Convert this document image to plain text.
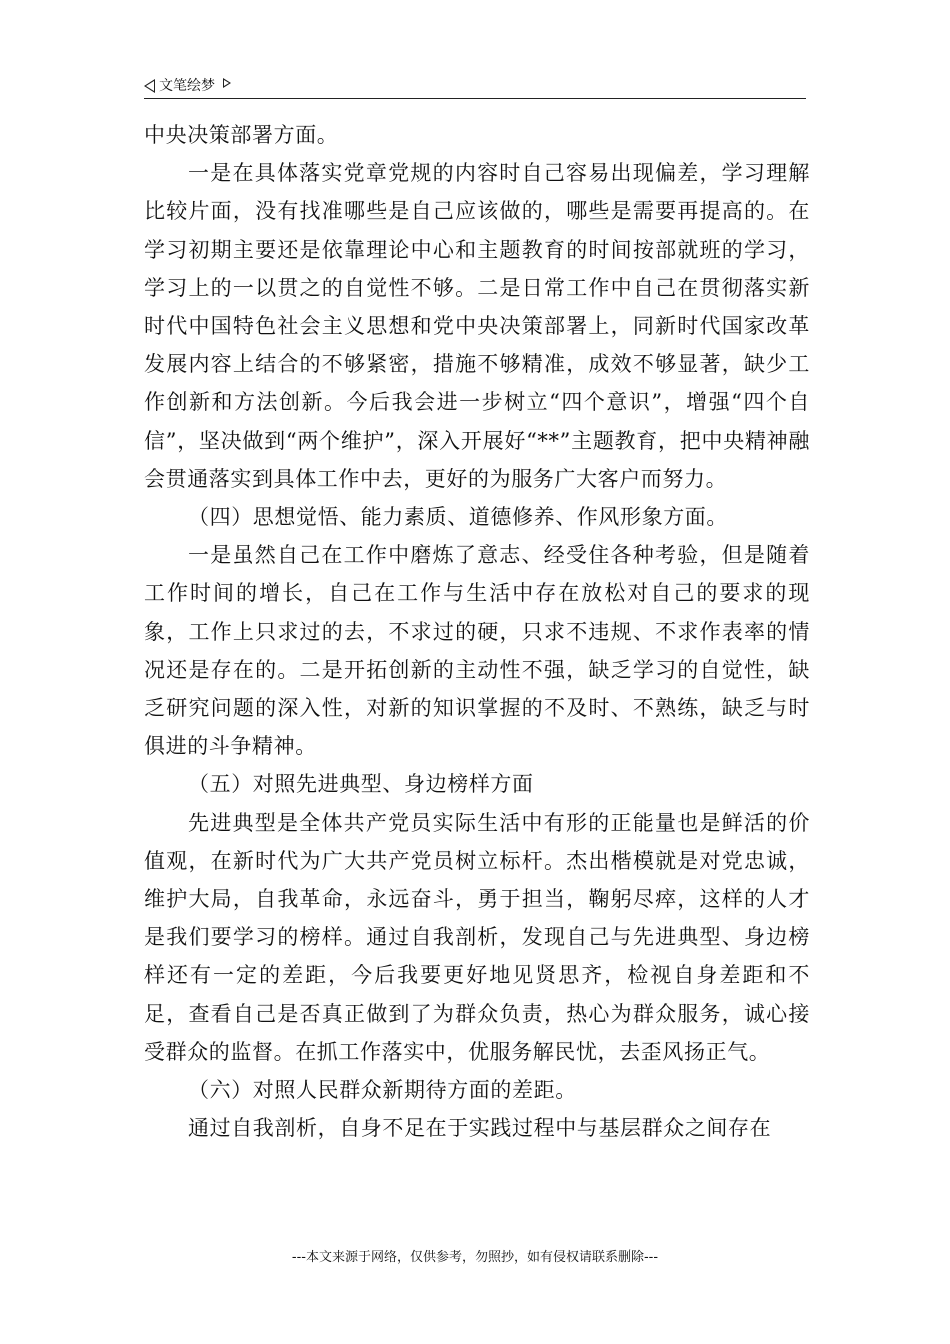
文笔绘梦

中央决策部署方面。

一是在具体落实党章党规的内容时自己容易出现偏差，学习理解比较片面，没有找准哪些是自己应该做的，哪些是需要再提高的。在学习初期主要还是依靠理论中心和主题教育的时间按部就班的学习，学习上的一以贯之的自觉性不够。二是日常工作中自己在贯彻落实新时代中国特色社会主义思想和党中央决策部署上，同新时代国家改革发展内容上结合的不够紧密，措施不够精准，成效不够显著，缺少工作创新和方法创新。今后我会进一步树立“四个意识”，增强“四个自信”，坚决做到“两个维护”，深入开展好“**”主题教育，把中央精神融会贯通落实到具体工作中去，更好的为服务广大客户而努力。

（四）思想觉悟、能力素质、道德修养、作风形象方面。

一是虽然自己在工作中磨炼了意志、经受住各种考验，但是随着工作时间的增长，自己在工作与生活中存在放松对自己的要求的现象，工作上只求过的去，不求过的硬，只求不违规、不求作表率的情况还是存在的。二是开拓创新的主动性不强，缺乏学习的自觉性，缺乏研究问题的深入性，对新的知识掌握的不及时、不熟练，缺乏与时俱进的斗争精神。

（五）对照先进典型、身边榜样方面

先进典型是全体共产党员实际生活中有形的正能量也是鲜活的价值观，在新时代为广大共产党员树立标杆。杰出楷模就是对党忠诚，维护大局，自我革命，永远奋斗，勇于担当，鞠躬尽瘁，这样的人才是我们要学习的榜样。通过自我剖析，发现自己与先进典型、身边榜样还有一定的差距，今后我要更好地见贤思齐，检视自身差距和不足，查看自己是否真正做到了为群众负责，热心为群众服务，诚心接受群众的监督。在抓工作落实中，优服务解民忧，去歪风扬正气。

（六）对照人民群众新期待方面的差距。

通过自我剖析，自身不足在于实践过程中与基层群众之间存在

---本文来源于网络，仅供参考，勿照抄，如有侵权请联系删除---
